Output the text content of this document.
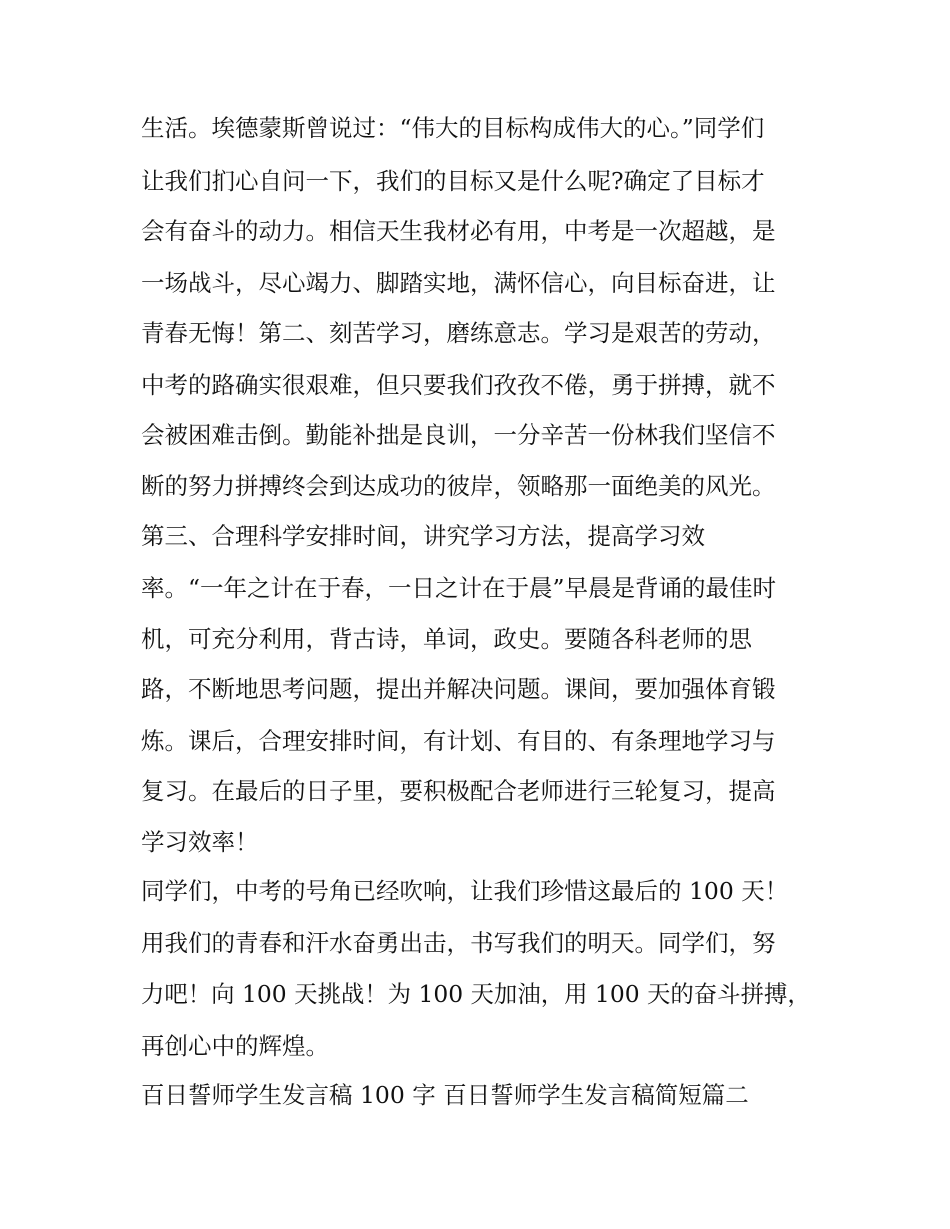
生活。埃德蒙斯曾说过：“伟大的目标构成伟大的心。”同学们

让我们扪心自问一下，我们的目标又是什么呢?确定了目标才

会有奋斗的动力。相信天生我材必有用，中考是一次超越，是

一场战斗，尽心竭力、脚踏实地，满怀信心，向目标奋进，让

青春无悔！第二、刻苦学习，磨练意志。学习是艰苦的劳动，

中考的路确实很艰难，但只要我们孜孜不倦，勇于拼搏，就不

会被困难击倒。勤能补拙是良训，一分辛苦一份林我们坚信不

断的努力拼搏终会到达成功的彼岸，领略那一面绝美的风光。

第三、合理科学安排时间，讲究学习方法，提高学习效

率。“一年之计在于春，一日之计在于晨”早晨是背诵的最佳时

机，可充分利用，背古诗，单词，政史。要随各科老师的思

路，不断地思考问题，提出并解决问题。课间，要加强体育锻

炼。课后，合理安排时间，有计划、有目的、有条理地学习与

复习。在最后的日子里，要积极配合老师进行三轮复习，提高

学习效率！

同学们，中考的号角已经吹响，让我们珍惜这最后的 100 天！

用我们的青春和汗水奋勇出击，书写我们的明天。同学们，努

力吧！向 100 天挑战！为 100 天加油，用 100 天的奋斗拼搏，

再创心中的辉煌。

百日誓师学生发言稿 100 字 百日誓师学生发言稿简短篇二
